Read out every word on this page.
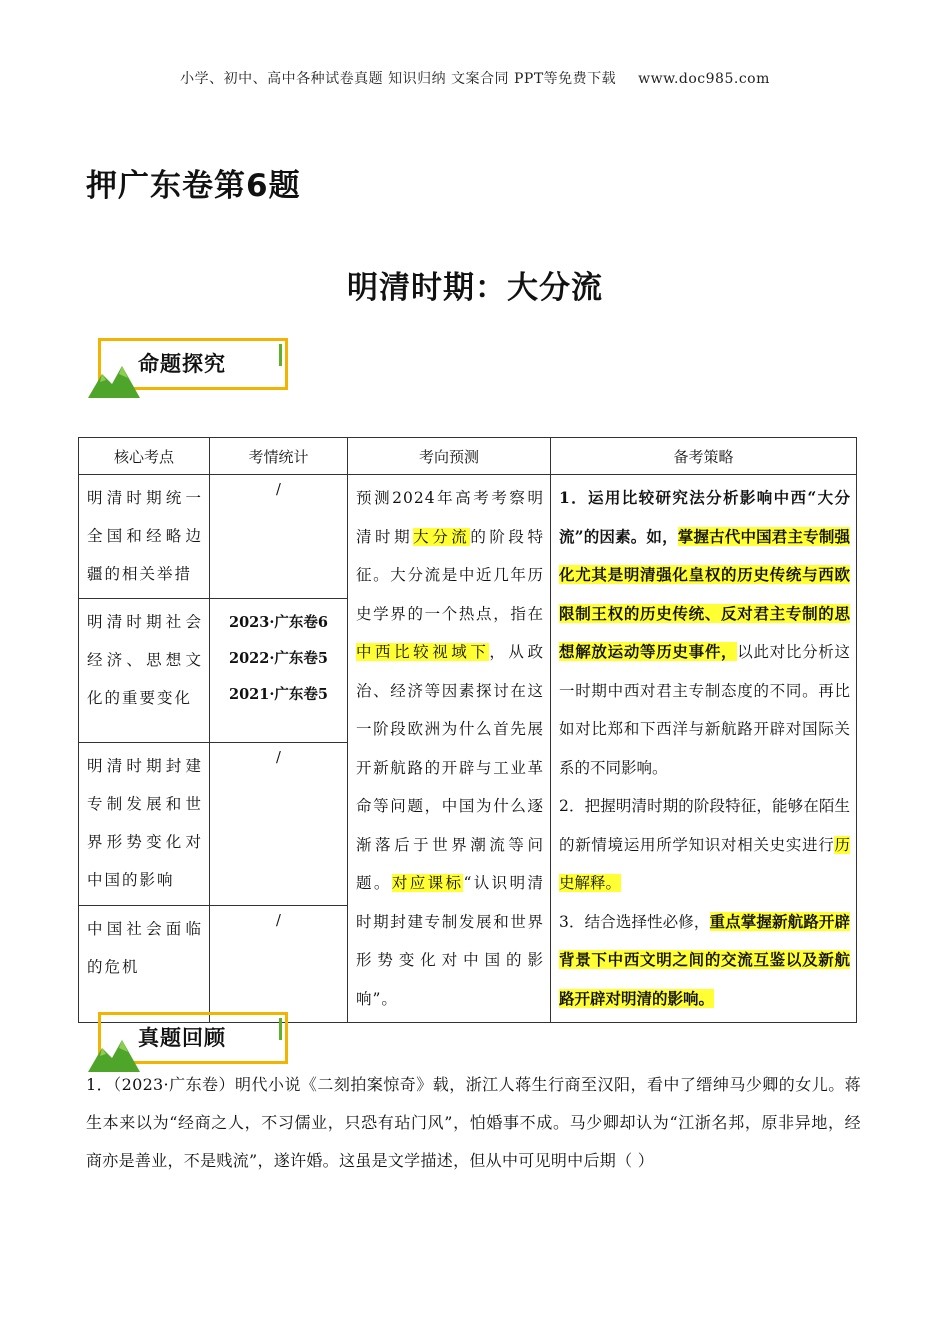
小学、初中、高中各种试卷真题 知识归纳 文案合同 PPT等免费下载 www.doc985.com
押广东卷第6题
明清时期：大分流
命题探究
核心考点	考情统计	考向预测	备考策略
明清时期统一全国和经略边疆的相关举措	/	预测2024年高考考察明清时期大分流的阶段特征。大分流是中近几年历史学界的一个热点，指在中西比较视域下，从政治、经济等因素探讨在这一阶段欧洲为什么首先展开新航路的开辟与工业革命等问题，中国为什么逐渐落后于世界潮流等问题。对应课标“认识明清时期封建专制发展和世界形势变化对中国的影响”。	1．运用比较研究法分析影响中西“大分流”的因素。如，掌握古代中国君主专制强化尤其是明清强化皇权的历史传统与西欧限制王权的历史传统、反对君主专制的思想解放运动等历史事件，以此对比分析这一时期中西对君主专制态度的不同。再比如对比郑和下西洋与新航路开辟对国际关系的不同影响。
2．把握明清时期的阶段特征，能够在陌生的新情境运用所学知识对相关史实进行历史解释。
3．结合选择性必修，重点掌握新航路开辟背景下中西文明之间的交流互鉴以及新航路开辟对明清的影响。

明清时期社会经济、思想文化的重要变化	2023·广东卷6
2022·广东卷5
2021·广东卷5		

明清时期封建专制发展和世界形势变化对中国的影响	/		
中国社会面临的危机	/		
真题回顾
1．（2023·广东卷）明代小说《二刻拍案惊奇》载，浙江人蒋生行商至汉阳，看中了缙绅马少卿的女儿。蒋生本来以为“经商之人，不习儒业，只恐有玷门风”，怕婚事不成。马少卿却认为“江浙名邦，原非异地，经商亦是善业，不是贱流”，遂许婚。这虽是文学描述，但从中可见明中后期（ ）
